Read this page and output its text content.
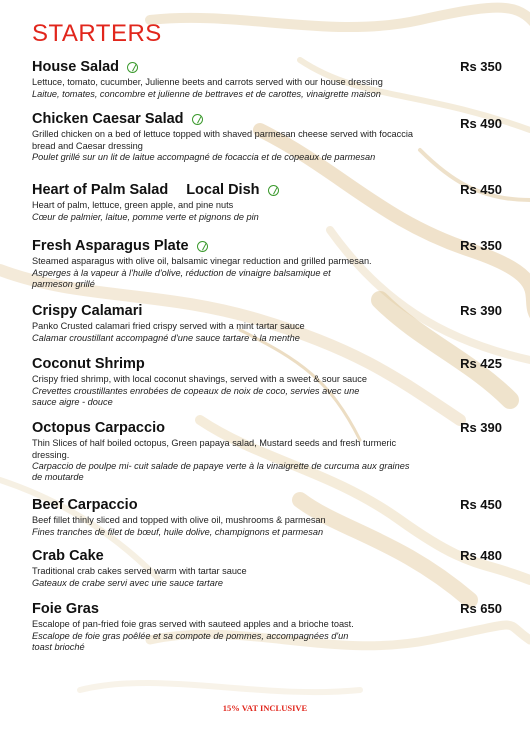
STARTERS
House Salad	Rs 350
Lettuce, tomato, cucumber, Julienne beets and carrots served with our house dressing
Laitue, tomates, concombre et julienne de bettraves et de carottes, vinaigrette maison
Chicken Caesar Salad	Rs 490
Grilled chicken on a bed of lettuce topped with shaved parmesan cheese served with focaccia bread and Caesar dressing
Poulet grillé sur un lit de laitue accompagné de focaccia et de copeaux de parmesan
Heart of Palm Salad Local Dish	Rs 450
Heart of palm, lettuce, green apple, and pine nuts
Cœur de palmier, laitue, pomme verte et pignons de pin
Fresh Asparagus Plate	Rs 350
Steamed asparagus with olive oil, balsamic vinegar reduction and grilled parmesan.
Asperges à la vapeur à l'huile d'olive, réduction de vinaigre balsamique et parmeson grillé
Crispy Calamari	Rs 390
Panko Crusted calamari fried crispy served with a mint tartar sauce
Calamar croustillant accompagné d'une sauce tartare à la menthe
Coconut Shrimp	Rs 425
Crispy fried shrimp, with local coconut shavings, served with a sweet & sour sauce
Crevettes croustillantes enrobées de copeaux de noix de coco, servies avec une sauce aigre - douce
Octopus Carpaccio	Rs 390
Thin Slices of half boiled octopus, Green papaya salad, Mustard seeds and fresh turmeric dressing.
Carpaccio de poulpe mi- cuit salade de papaye verte à la vinaigrette de curcuma aux graines de moutarde
Beef Carpaccio	Rs 450
Beef fillet thinly sliced and topped with olive oil, mushrooms & parmesan
Fines tranches de filet de bœuf, huile dolive, champignons et parmesan
Crab Cake	Rs 480
Traditional crab cakes served warm with tartar sauce
Gateaux de crabe servi avec une sauce tartare
Foie Gras	Rs 650
Escalope of pan-fried foie gras served with sauteed apples and a brioche toast.
Escalope de foie gras poêlée et sa compote de pommes, accompagnées d'un toast brioché
15% VAT INCLUSIVE
